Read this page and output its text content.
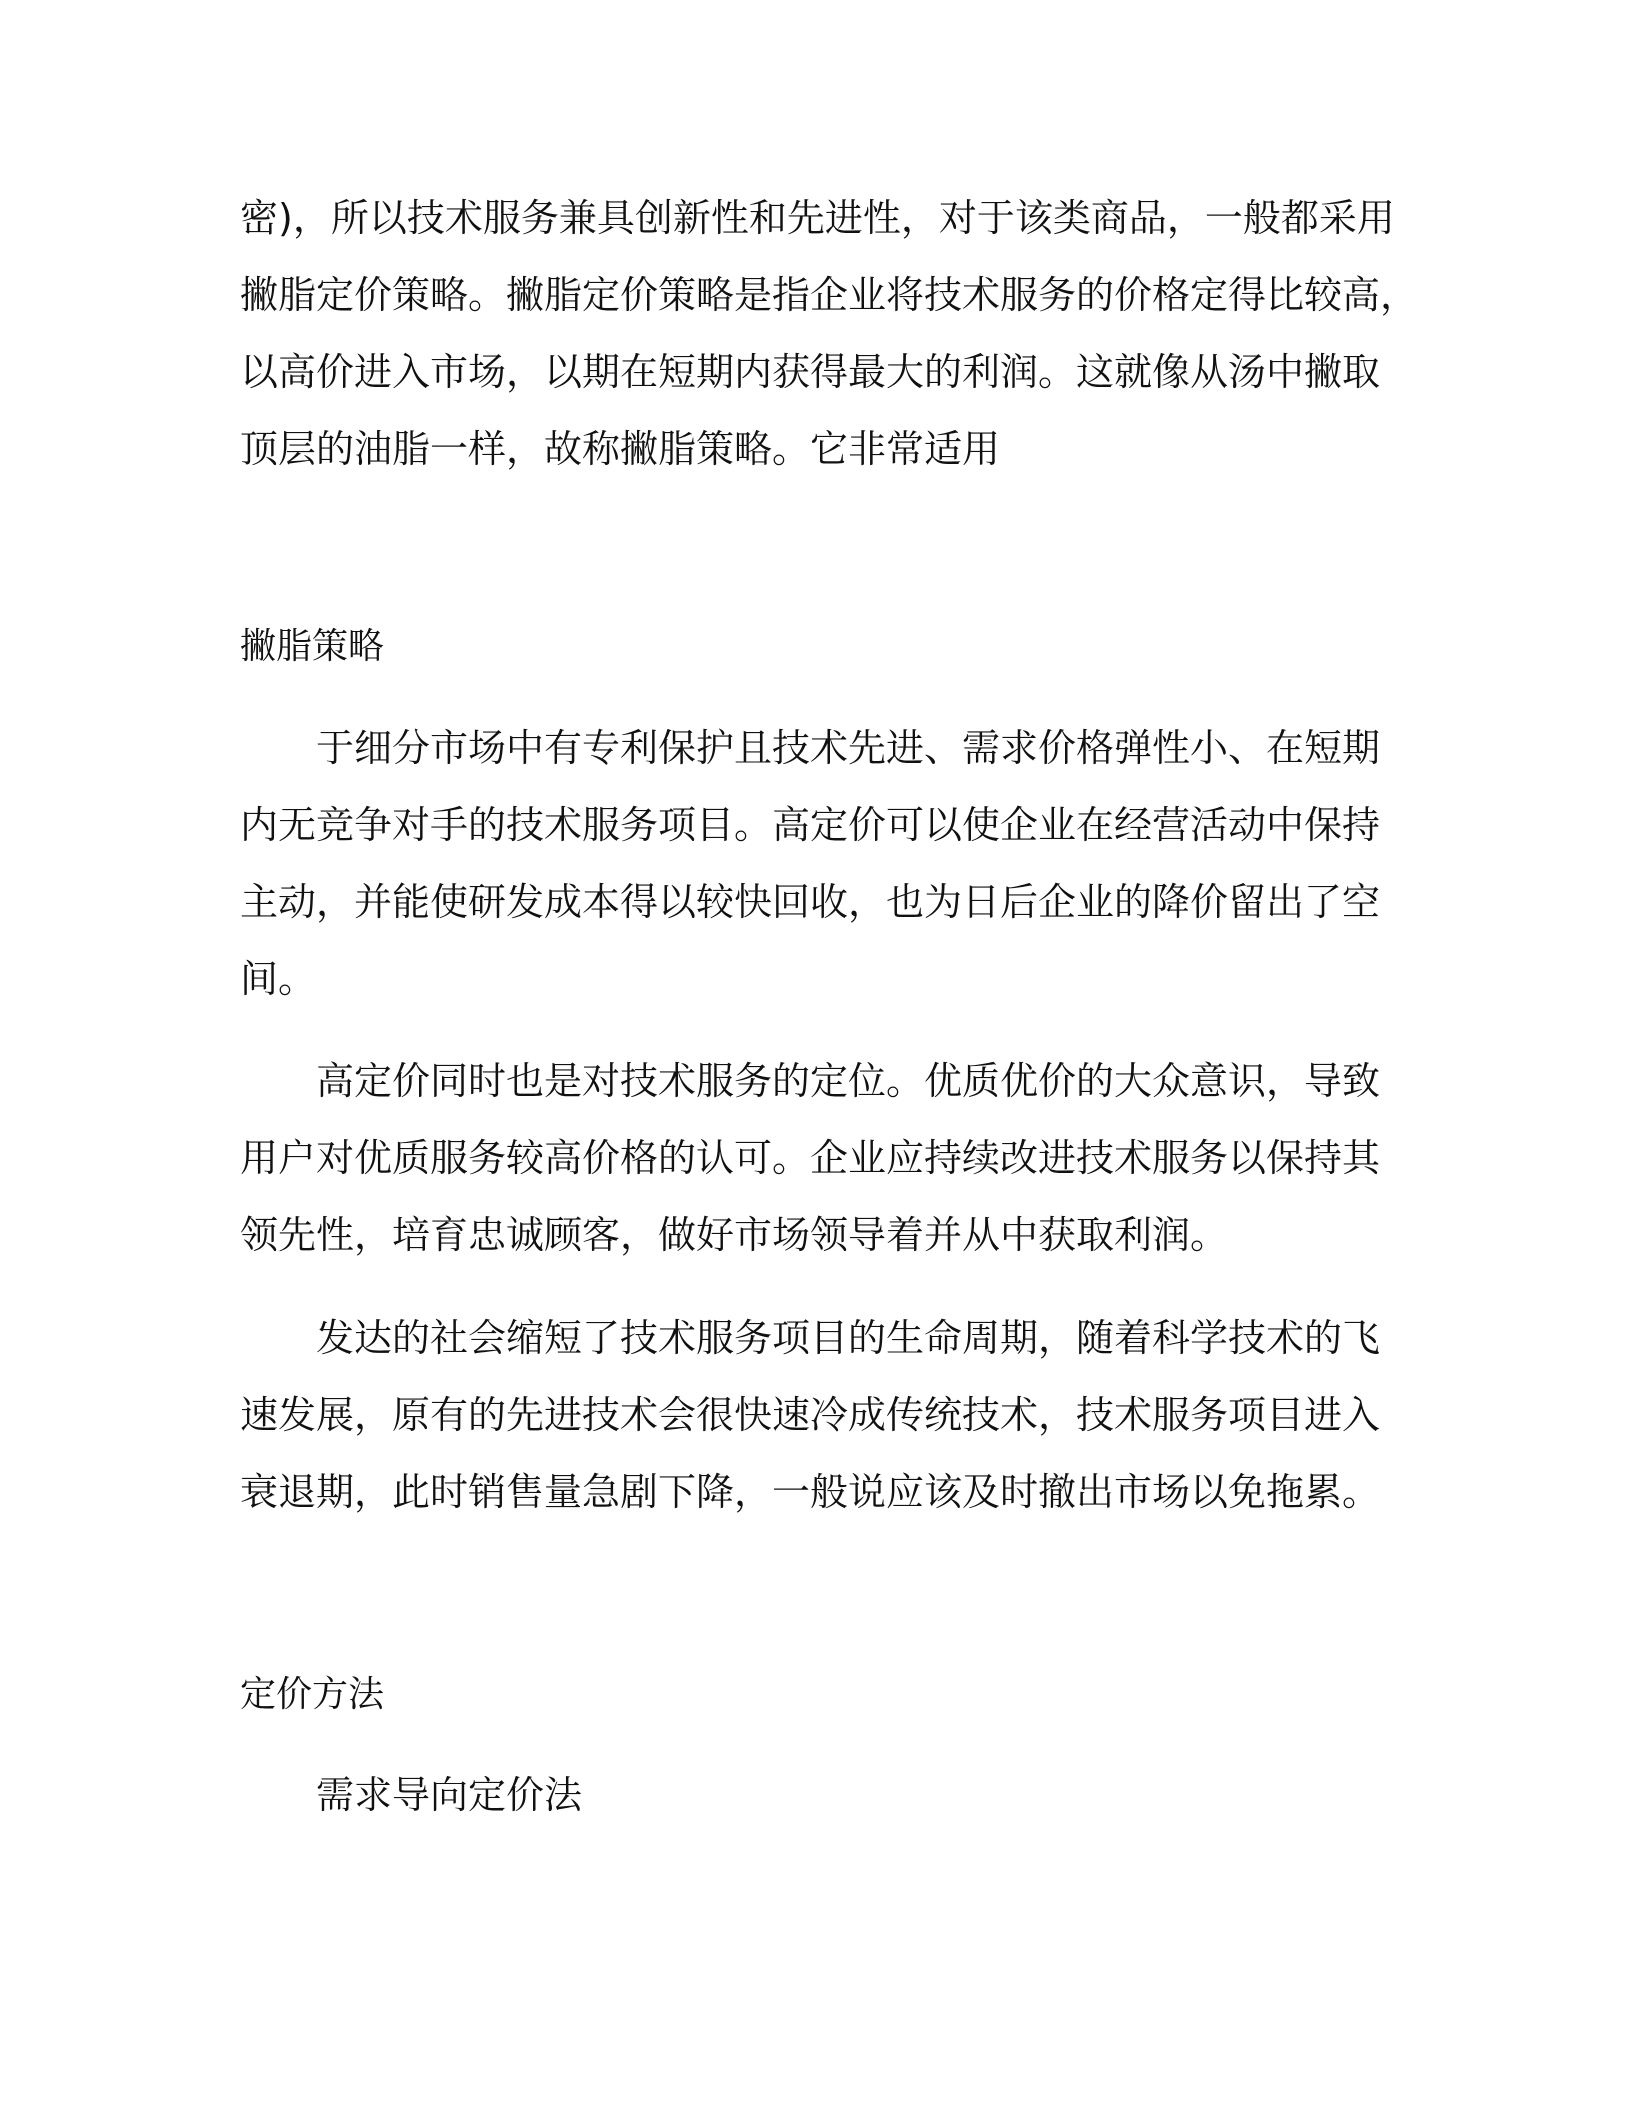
密)，所以技术服务兼具创新性和先进性，对于该类商品，一般都采用
撇脂定价策略。撇脂定价策略是指企业将技术服务的价格定得比较高，
以高价进入市场，以期在短期内获得最大的利润。这就像从汤中撇取
顶层的油脂一样，故称撇脂策略。它非常适用

撇脂策略

于细分市场中有专利保护且技术先进、需求价格弹性小、在短期
内无竞争对手的技术服务项目。高定价可以使企业在经营活动中保持
主动，并能使研发成本得以较快回收，也为日后企业的降价留出了空
间。

高定价同时也是对技术服务的定位。优质优价的大众意识，导致
用户对优质服务较高价格的认可。企业应持续改进技术服务以保持其
领先性，培育忠诚顾客，做好市场领导着并从中获取利润。

发达的社会缩短了技术服务项目的生命周期，随着科学技术的飞
速发展，原有的先进技术会很快速冷成传统技术，技术服务项目进入
衰退期，此时销售量急剧下降，一般说应该及时撤出市场以免拖累。

定价方法

需求导向定价法
